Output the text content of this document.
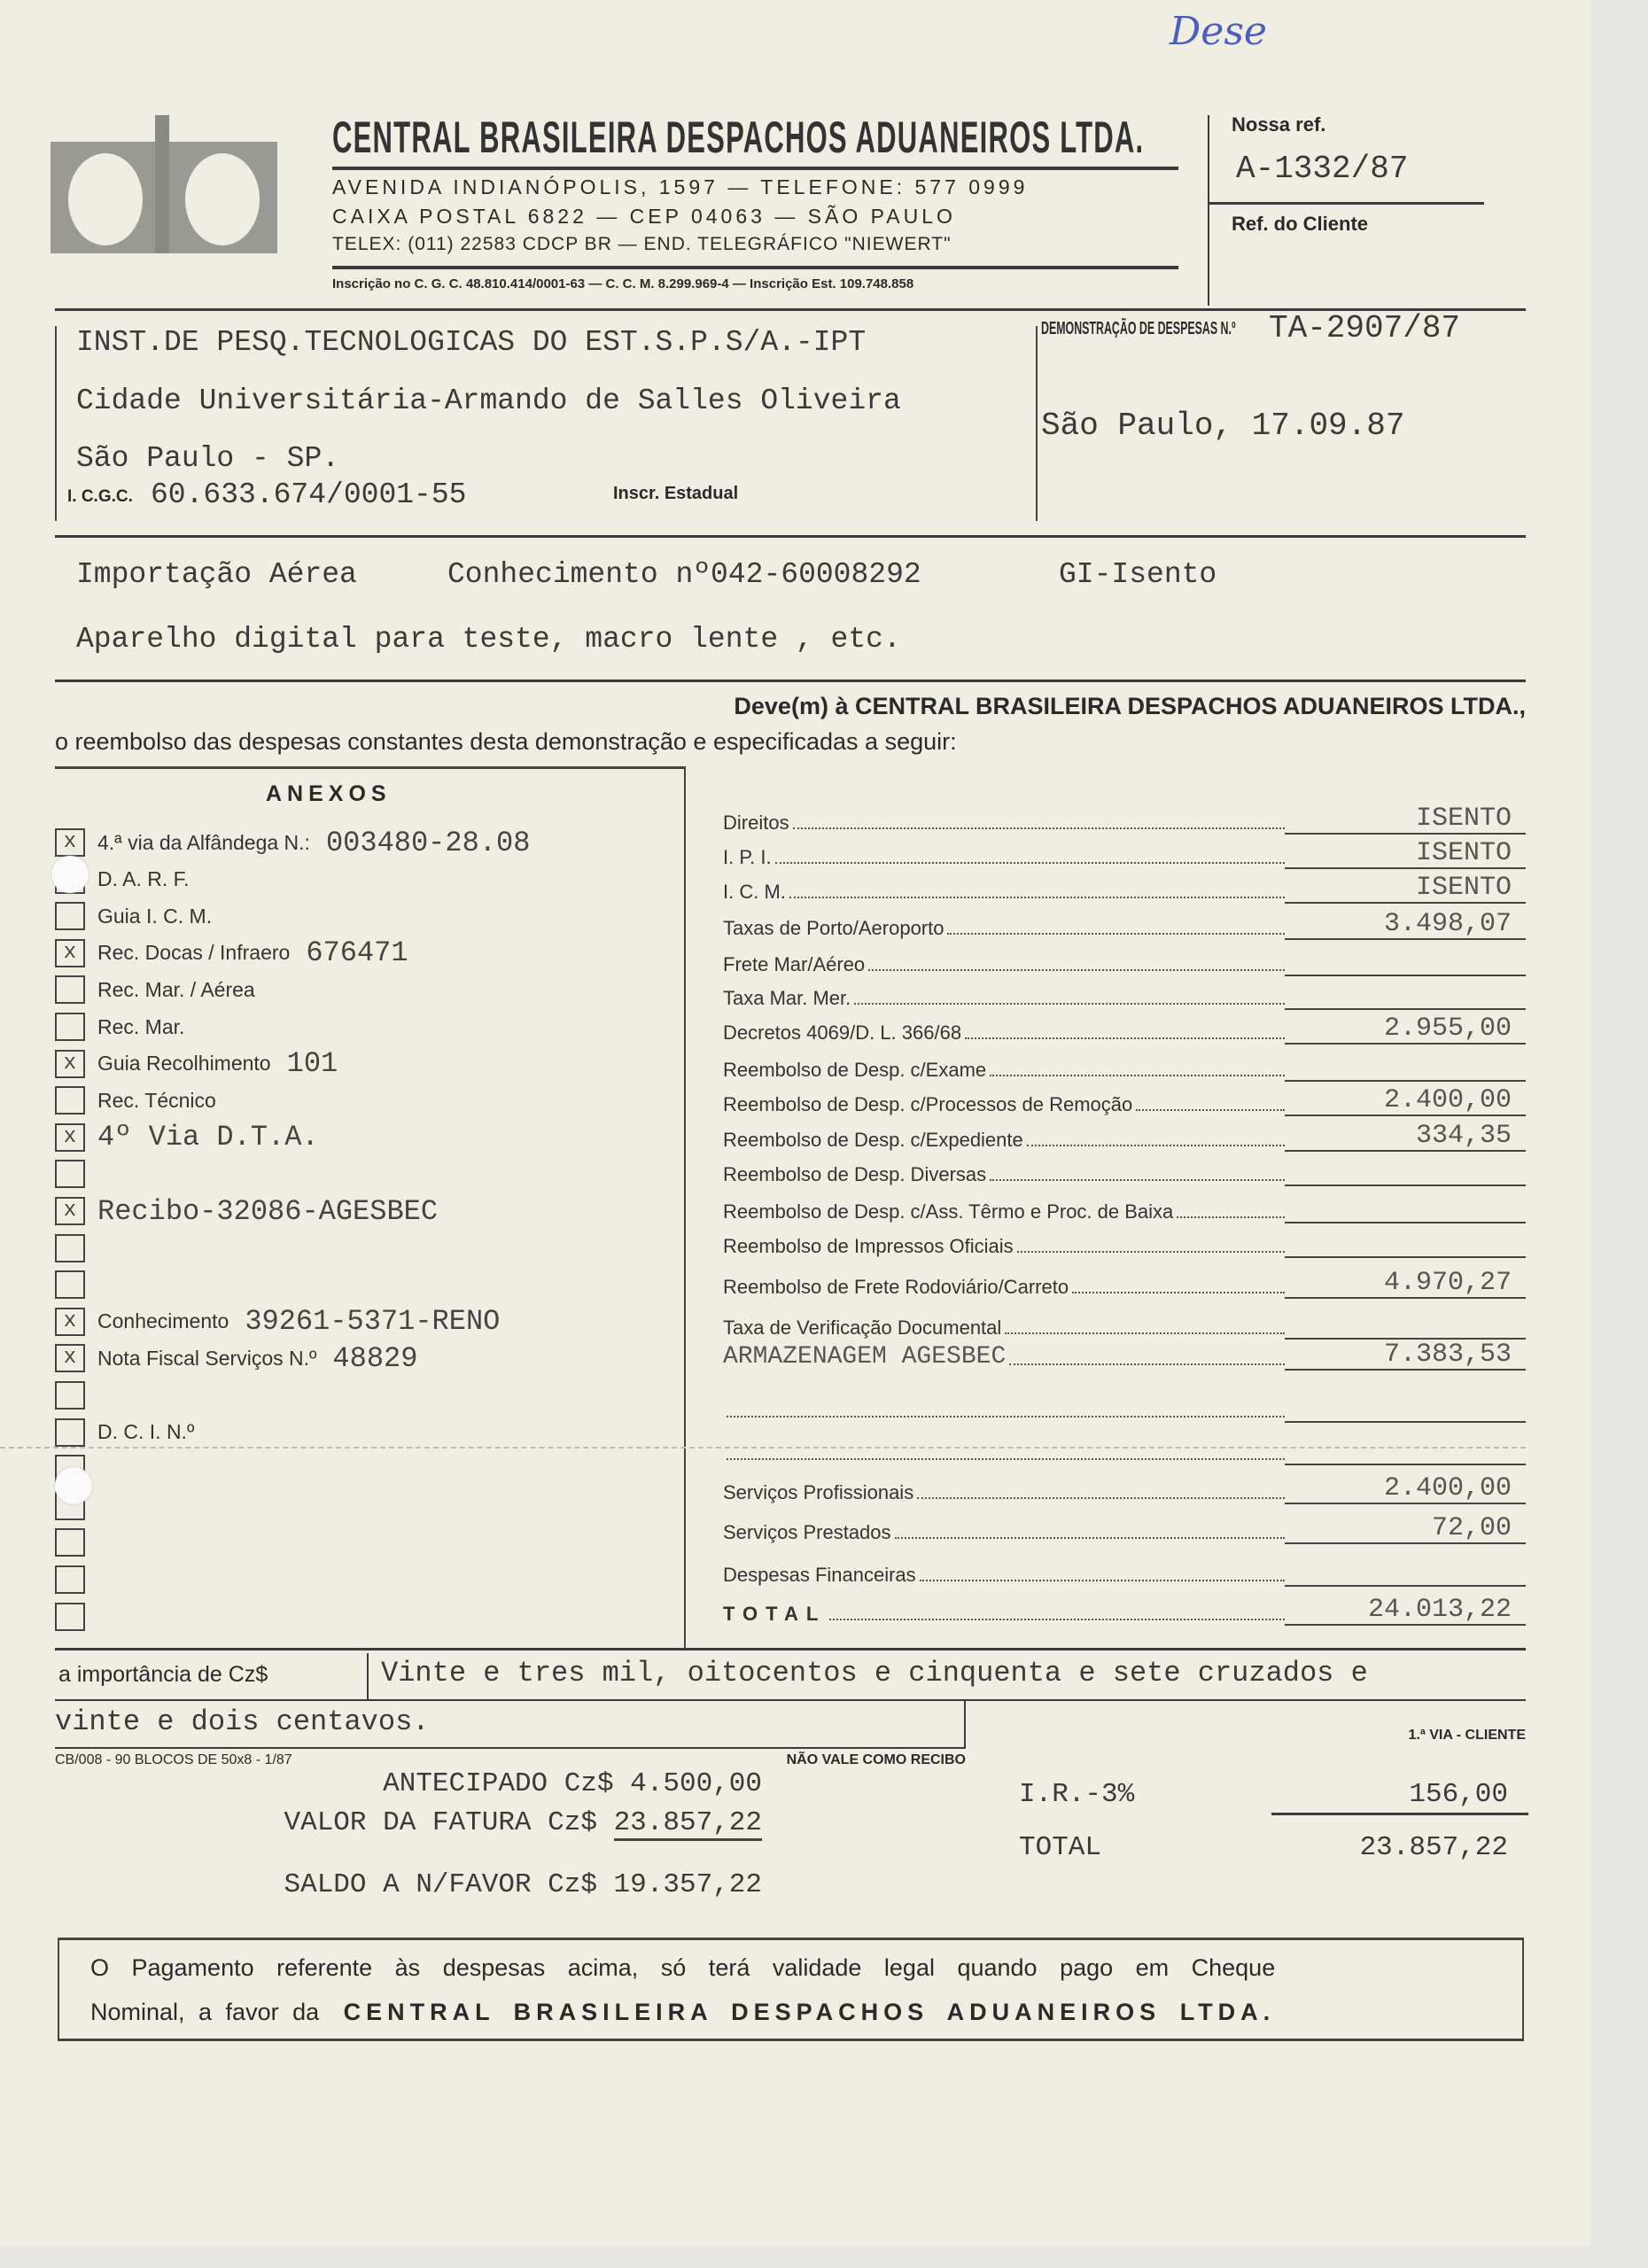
Dese
CENTRAL BRASILEIRA DESPACHOS ADUANEIROS LTDA.
AVENIDA INDIANÓPOLIS, 1597 — TELEFONE: 577 0999
CAIXA POSTAL 6822 — CEP 04063 — SÃO PAULO
TELEX: (011) 22583 CDCP BR — END. TELEGRÁFICO "NIEWERT"
Inscrição no C. G. C. 48.810.414/0001-63 — C. C. M. 8.299.969-4 — Inscrição Est. 109.748.858
Nossa ref.
A-1332/87
Ref. do Cliente
INST.DE PESQ.TECNOLOGICAS DO EST.S.P.S/A.-IPT
Cidade Universitária-Armando de Salles Oliveira
São Paulo - SP.
I. C.G.C. 60.633.674/0001-55	Inscr. Estadual
DEMONSTRAÇÃO DE DESPESAS N.º	TA-2907/87
São Paulo, 17.09.87
Importação Aérea	Conhecimento nº042-60008292	GI-Isento
Aparelho digital para teste, macro lente , etc.
Deve(m) à CENTRAL BRASILEIRA DESPACHOS ADUANEIROS LTDA.,
o reembolso das despesas constantes desta demonstração e especificadas a seguir:
ANEXOS
x	4.ª via da Alfândega N.: 003480-28.08
D. A. R. F.
Guia I. C. M.
x	Rec. Docas / Infraero 676471
Rec. Mar. / Aérea
Rec. Mar.
x	Guia Recolhimento 101
Rec. Técnico
x 4º Via D.T.A.
x Recibo-32086-AGESBEC
x	Conhecimento 39261-5371-RENO
x	Nota Fiscal Serviços N.º 48829
D. C. I. N.º
Direitos	ISENTO
I. P. I.	ISENTO
I. C. M.	ISENTO
Taxas de Porto/Aeroporto	3.498,07
Frete Mar/Aéreo
Taxa Mar. Mer.
Decretos 4069/D. L. 366/68	2.955,00
Reembolso de Desp. c/Exame
Reembolso de Desp. c/Processos de Remoção	2.400,00
Reembolso de Desp. c/Expediente	334,35
Reembolso de Desp. Diversas
Reembolso de Desp. c/Ass. Têrmo e Proc. de Baixa
Reembolso de Impressos Oficiais
Reembolso de Frete Rodoviário/Carreto	4.970,27
Taxa de Verificação Documental
ARMAZENAGEM AGESBEC	7.383,53
Serviços Profissionais	2.400,00
Serviços Prestados	72,00
Despesas Financeiras
TOTAL	24.013,22
a importância de Cz$	Vinte e tres mil, oitocentos e cinquenta e sete cruzados e
vinte e dois centavos.	1.ª VIA - CLIENTE
CB/008 - 90 BLOCOS DE 50x8 - 1/87	NÃO VALE COMO RECIBO
ANTECIPADO Cz$ 4.500,00
VALOR DA FATURA Cz$ 23.857,22
SALDO A N/FAVOR Cz$ 19.357,22
I.R.-3%	156,00
TOTAL	23.857,22
O Pagamento referente às despesas acima, só terá validade legal quando pago em Cheque
Nominal, a favor da CENTRAL BRASILEIRA DESPACHOS ADUANEIROS LTDA.
